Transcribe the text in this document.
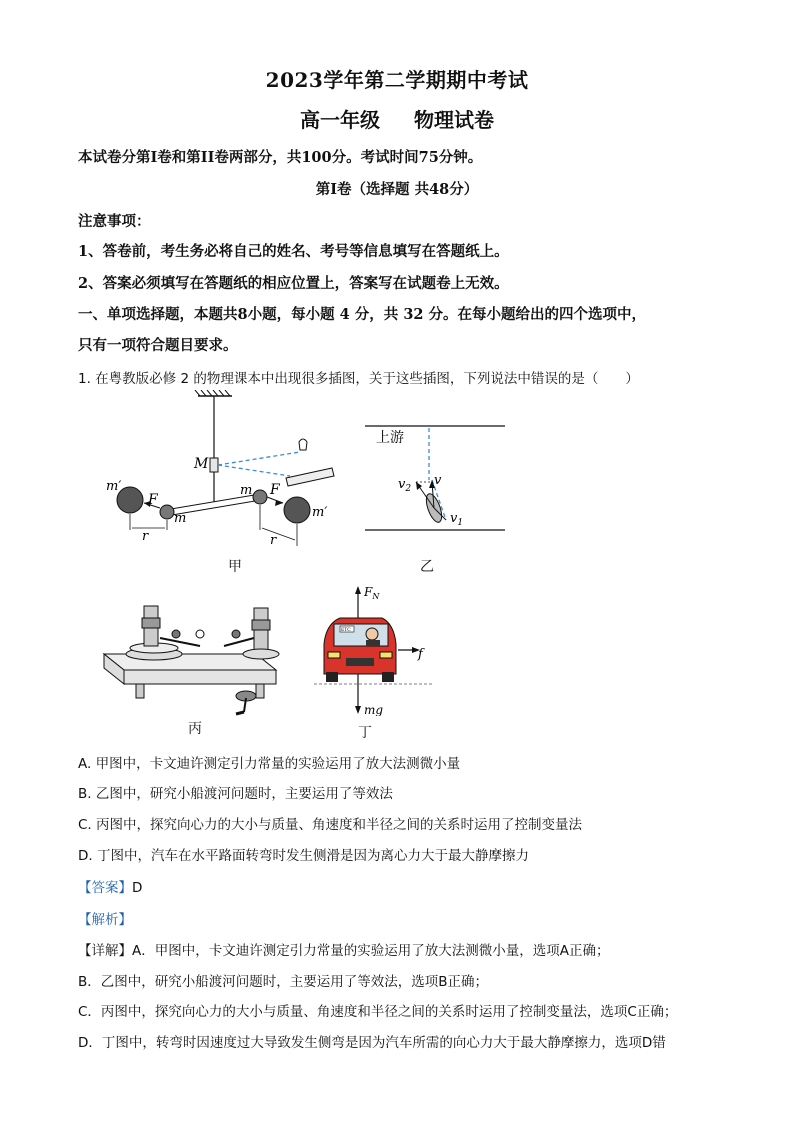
2023学年第二学期期中考试
高一年级 物理试卷
本试卷分第I卷和第II卷两部分，共100分。考试时间75分钟。
第I卷（选择题 共48分）
注意事项：
1、答卷前，考生务必将自己的姓名、考号等信息填写在答题纸上。
2、答案必须填写在答题纸的相应位置上，答案写在试题卷上无效。
一、单项选择题，本题共8小题，每小题 4 分，共 32 分。在每小题给出的四个选项中，
只有一项符合题目要求。
1. 在粤教版必修 2 的物理课本中出现很多插图，关于这些插图，下列说法中错误的是（　　）
M
m′
m′
F
F
m
m
r	r
甲
上游
$v_2$
v
$v_1$
乙
丙
ETC
$F_N$
f
mg
丁
A. 甲图中，卡文迪许测定引力常量的实验运用了放大法测微小量
B. 乙图中，研究小船渡河问题时，主要运用了等效法
C. 丙图中，探究向心力的大小与质量、角速度和半径之间的关系时运用了控制变量法
D. 丁图中，汽车在水平路面转弯时发生侧滑是因为离心力大于最大静摩擦力
【答案】D
【解析】
【详解】A．甲图中，卡文迪许测定引力常量的实验运用了放大法测微小量，选项A正确；
B．乙图中，研究小船渡河问题时，主要运用了等效法，选项B正确；
C．丙图中，探究向心力的大小与质量、角速度和半径之间的关系时运用了控制变量法，选项C正确；
D．丁图中，转弯时因速度过大导致发生侧弯是因为汽车所需的向心力大于最大静摩擦力，选项D错
